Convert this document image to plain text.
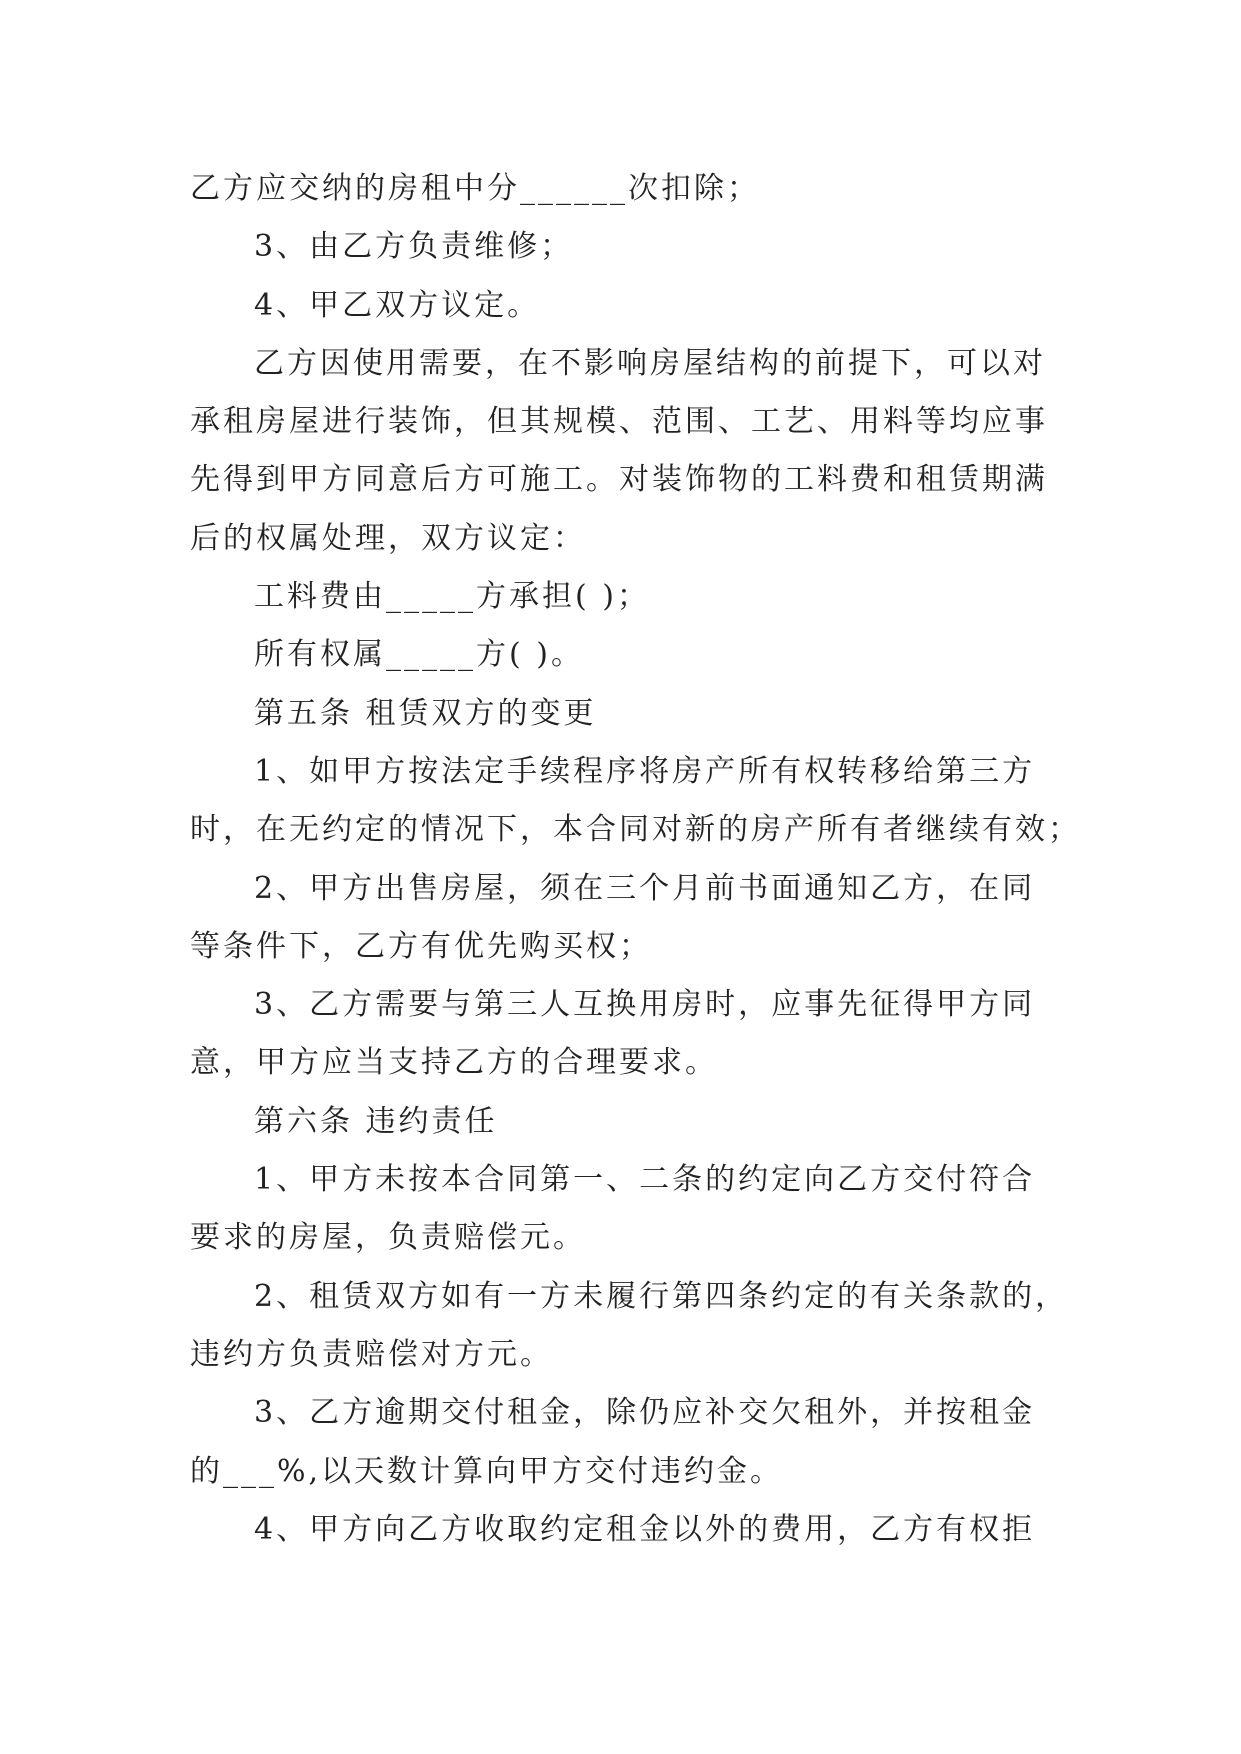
乙方应交纳的房租中分______次扣除；
3、由乙方负责维修；
4、甲乙双方议定。
乙方因使用需要，在不影响房屋结构的前提下，可以对
承租房屋进行装饰，但其规模、范围、工艺、用料等均应事
先得到甲方同意后方可施工。对装饰物的工料费和租赁期满
后的权属处理，双方议定：
工料费由_____方承担( )；
所有权属_____方( )。
第五条 租赁双方的变更
1、如甲方按法定手续程序将房产所有权转移给第三方
时，在无约定的情况下，本合同对新的房产所有者继续有效；
2、甲方出售房屋，须在三个月前书面通知乙方，在同
等条件下，乙方有优先购买权；
3、乙方需要与第三人互换用房时，应事先征得甲方同
意，甲方应当支持乙方的合理要求。
第六条 违约责任
1、甲方未按本合同第一、二条的约定向乙方交付符合
要求的房屋，负责赔偿元。
2、租赁双方如有一方未履行第四条约定的有关条款的，
违约方负责赔偿对方元。
3、乙方逾期交付租金，除仍应补交欠租外，并按租金
的___%,以天数计算向甲方交付违约金。
4、甲方向乙方收取约定租金以外的费用，乙方有权拒
